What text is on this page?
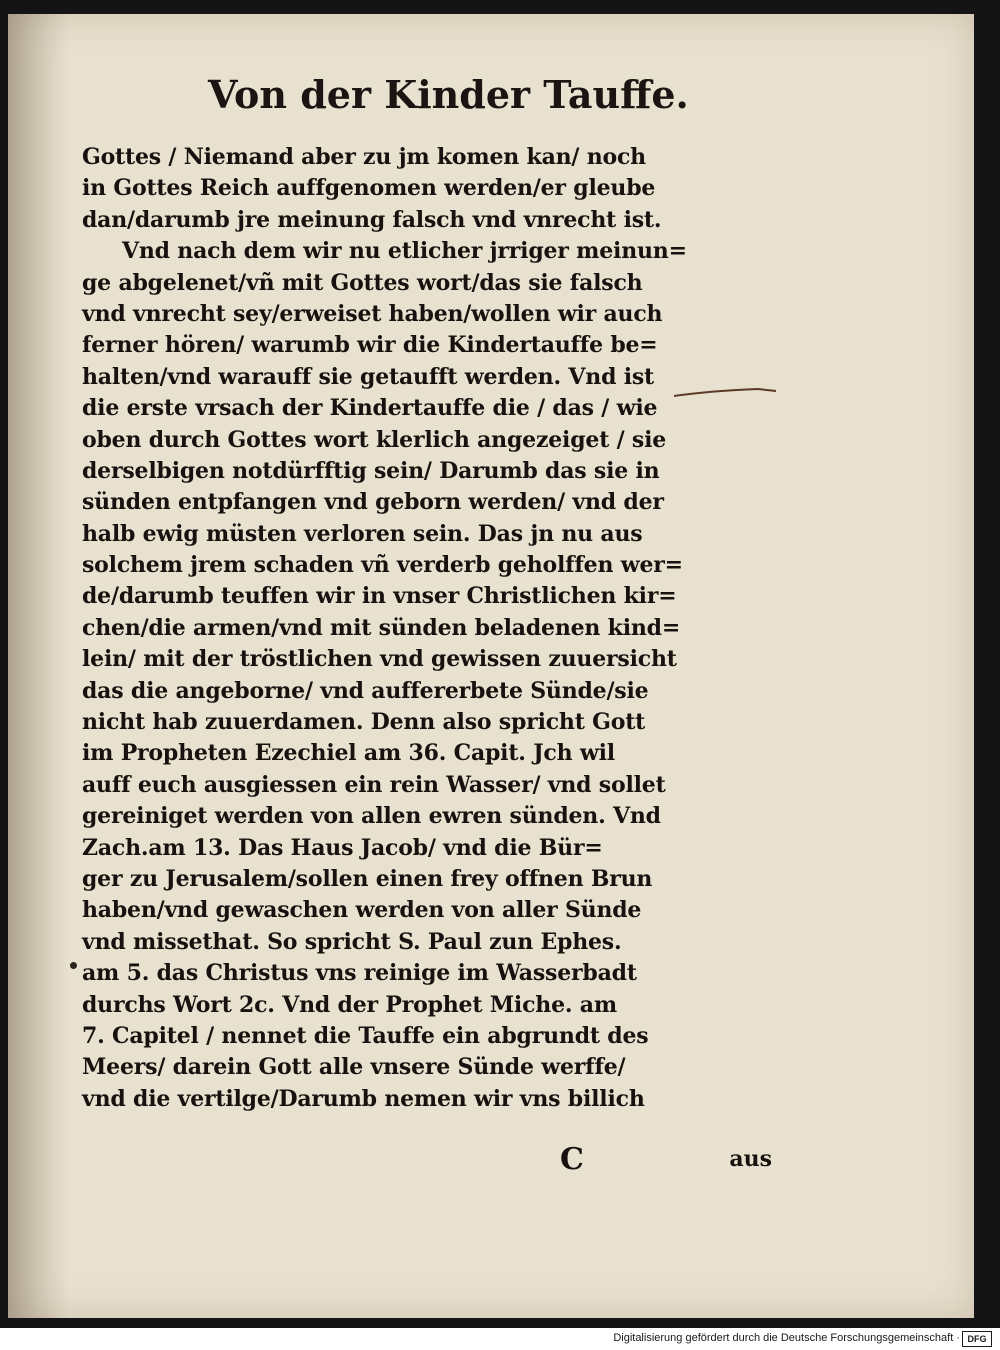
Von der Kinder Tauffe.
Gottes / Niemand aber zu jm komen kan/ noch
in Gottes Reich auffgenomen werden/er gleube
dan/darumb jre meinung falsch vnd vnrecht ist.
Vnd nach dem wir nu etlicher jrriger meinun=
ge abgelenet/vñ mit Gottes wort/das sie falsch
vnd vnrecht sey/erweiset haben/wollen wir auch
ferner hören/ warumb wir die Kindertauffe be=
halten/vnd warauff sie getaufft werden. Vnd ist
die erste vrsach der Kindertauffe die / das / wie
oben durch Gottes wort klerlich angezeiget / sie
derselbigen notdürfftig sein/ Darumb das sie in
sünden entpfangen vnd geborn werden/ vnd der
halb ewig müsten verloren sein. Das jn nu aus
solchem jrem schaden vñ verderb geholffen wer=
de/darumb teuffen wir in vnser Christlichen kir=
chen/die armen/vnd mit sünden beladenen kind=
lein/ mit der tröstlichen vnd gewissen zuuersicht
das die angeborne/ vnd auffererbete Sünde/sie
nicht hab zuuerdamen. Denn also spricht Gott
im Propheten Ezechiel am 36. Capit. Jch wil
auff euch ausgiessen ein rein Wasser/ vnd sollet
gereiniget werden von allen ewren sünden. Vnd
Zach.am 13. Das Haus Jacob/ vnd die Bür=
ger zu Jerusalem/sollen einen frey offnen Brun
haben/vnd gewaschen werden von aller Sünde
vnd missethat. So spricht S. Paul zun Ephes.
am 5. das Christus vns reinige im Wasserbadt
durchs Wort 2c. Vnd der Prophet Miche. am
7. Capitel / nennet die Tauffe ein abgrundt des
Meers/ darein Gott alle vnsere Sünde werffe/
vnd die vertilge/Darumb nemen wir vns billich
C	aus
Digitalisierung gefördert durch die Deutsche Forschungsgemeinschaft · DFG
